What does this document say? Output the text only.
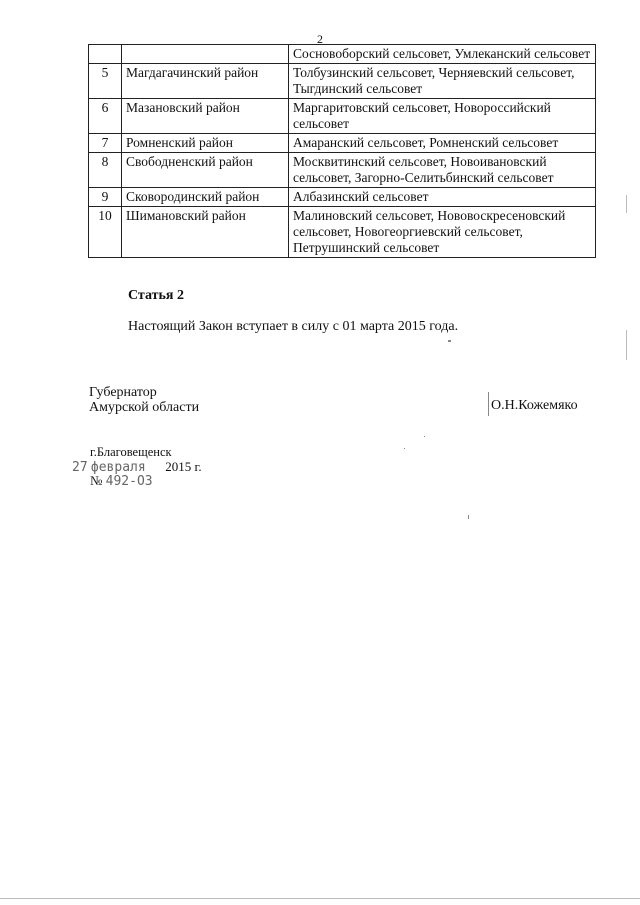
2
		Сосновоборский сельсовет, Умлеканский сельсовет
5	Магдагачинский район	Толбузинский сельсовет, Черняевский сельсовет, Тыгдинский сельсовет
6	Мазановский район	Маргаритовский сельсовет, Новороссийский сельсовет
7	Ромненский район	Амаранский сельсовет, Ромненский сельсовет
8	Свободненский район	Москвитинский сельсовет, Новоивановский сельсовет, Загорно-Селитьбинский сельсовет
9	Сковородинский район	Албазинский сельсовет
10	Шимановский район	Малиновский сельсовет, Нововоскресеновский сельсовет, Новогеоргиевский сельсовет, Петрушинский сельсовет
Статья 2
Настоящий Закон вступает в силу с 01 марта 2015 года.
Губернатор
Амурской области	О.Н.Кожемяко
г.Благовещенск
27 февраля 2015 г.
№ 492-ОЗ
